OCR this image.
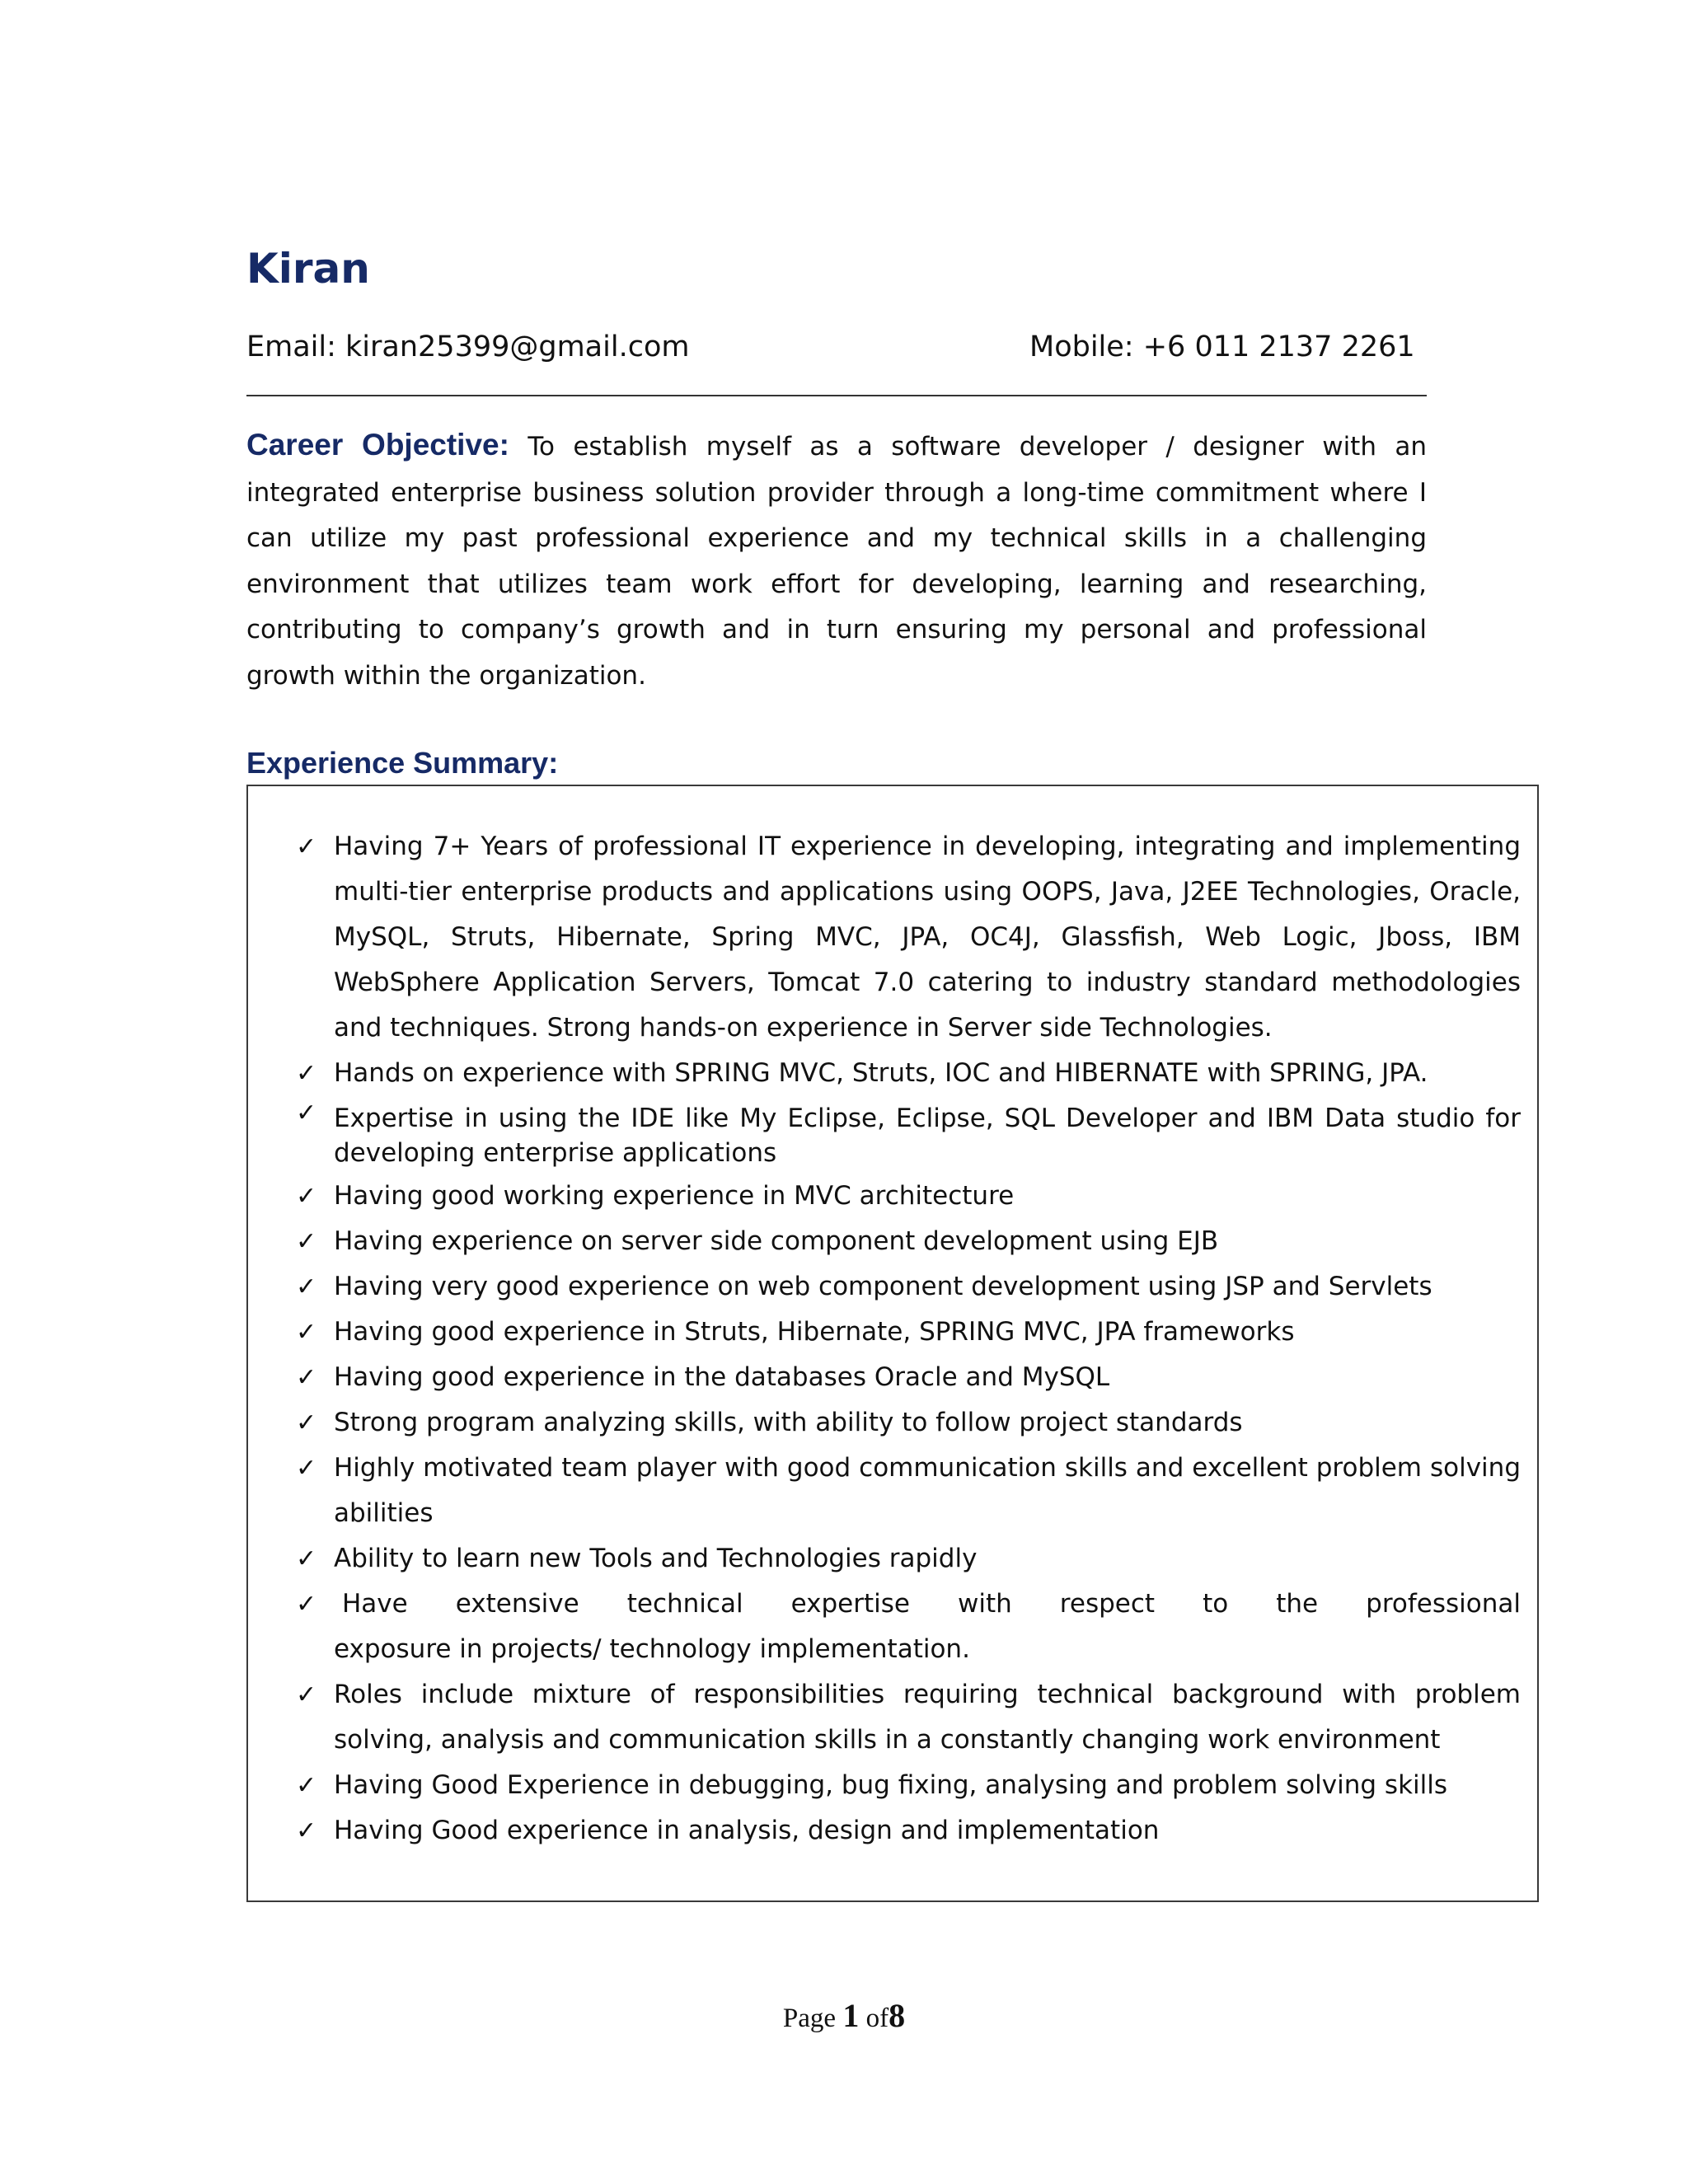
Kiran
Email: kiran25399@gmail.com	Mobile: +6 011 2137 2261

Career Objective: To establish myself as a software developer / designer with an integrated enterprise business solution provider through a long-time commitment where I can utilize my past professional experience and my technical skills in a challenging environment that utilizes team work effort for developing, learning and researching, contributing to company’s growth and in turn ensuring my personal and professional growth within the organization.

Experience Summary:
✓ Having 7+ Years of professional IT experience in developing, integrating and implementing multi-tier enterprise products and applications using OOPS, Java, J2EE Technologies, Oracle, MySQL, Struts, Hibernate, Spring MVC, JPA, OC4J, Glassfish, Web Logic, Jboss, IBM WebSphere Application Servers, Tomcat 7.0 catering to industry standard methodologies and techniques. Strong hands-on experience in Server side Technologies.
✓ Hands on experience with SPRING MVC, Struts, IOC and HIBERNATE with SPRING, JPA.
✓ Expertise in using the IDE like My Eclipse, Eclipse, SQL Developer and IBM Data studio for developing enterprise applications
✓ Having good working experience in MVC architecture
✓ Having experience on server side component development using EJB
✓ Having very good experience on web component development using JSP and Servlets
✓ Having good experience in Struts, Hibernate, SPRING MVC, JPA frameworks
✓ Having good experience in the databases Oracle and MySQL
✓ Strong program analyzing skills, with ability to follow project standards
✓ Highly motivated team player with good communication skills and excellent problem solving abilities
✓ Ability to learn new Tools and Technologies rapidly
✓ Have extensive technical expertise with respect to the professional
exposure in projects/ technology implementation.
✓ Roles include mixture of responsibilities requiring technical background with problem solving, analysis and communication skills in a constantly changing work environment
✓ Having Good Experience in debugging, bug fixing, analysing and problem solving skills
✓ Having Good experience in analysis, design and implementation
Page 1 of8
